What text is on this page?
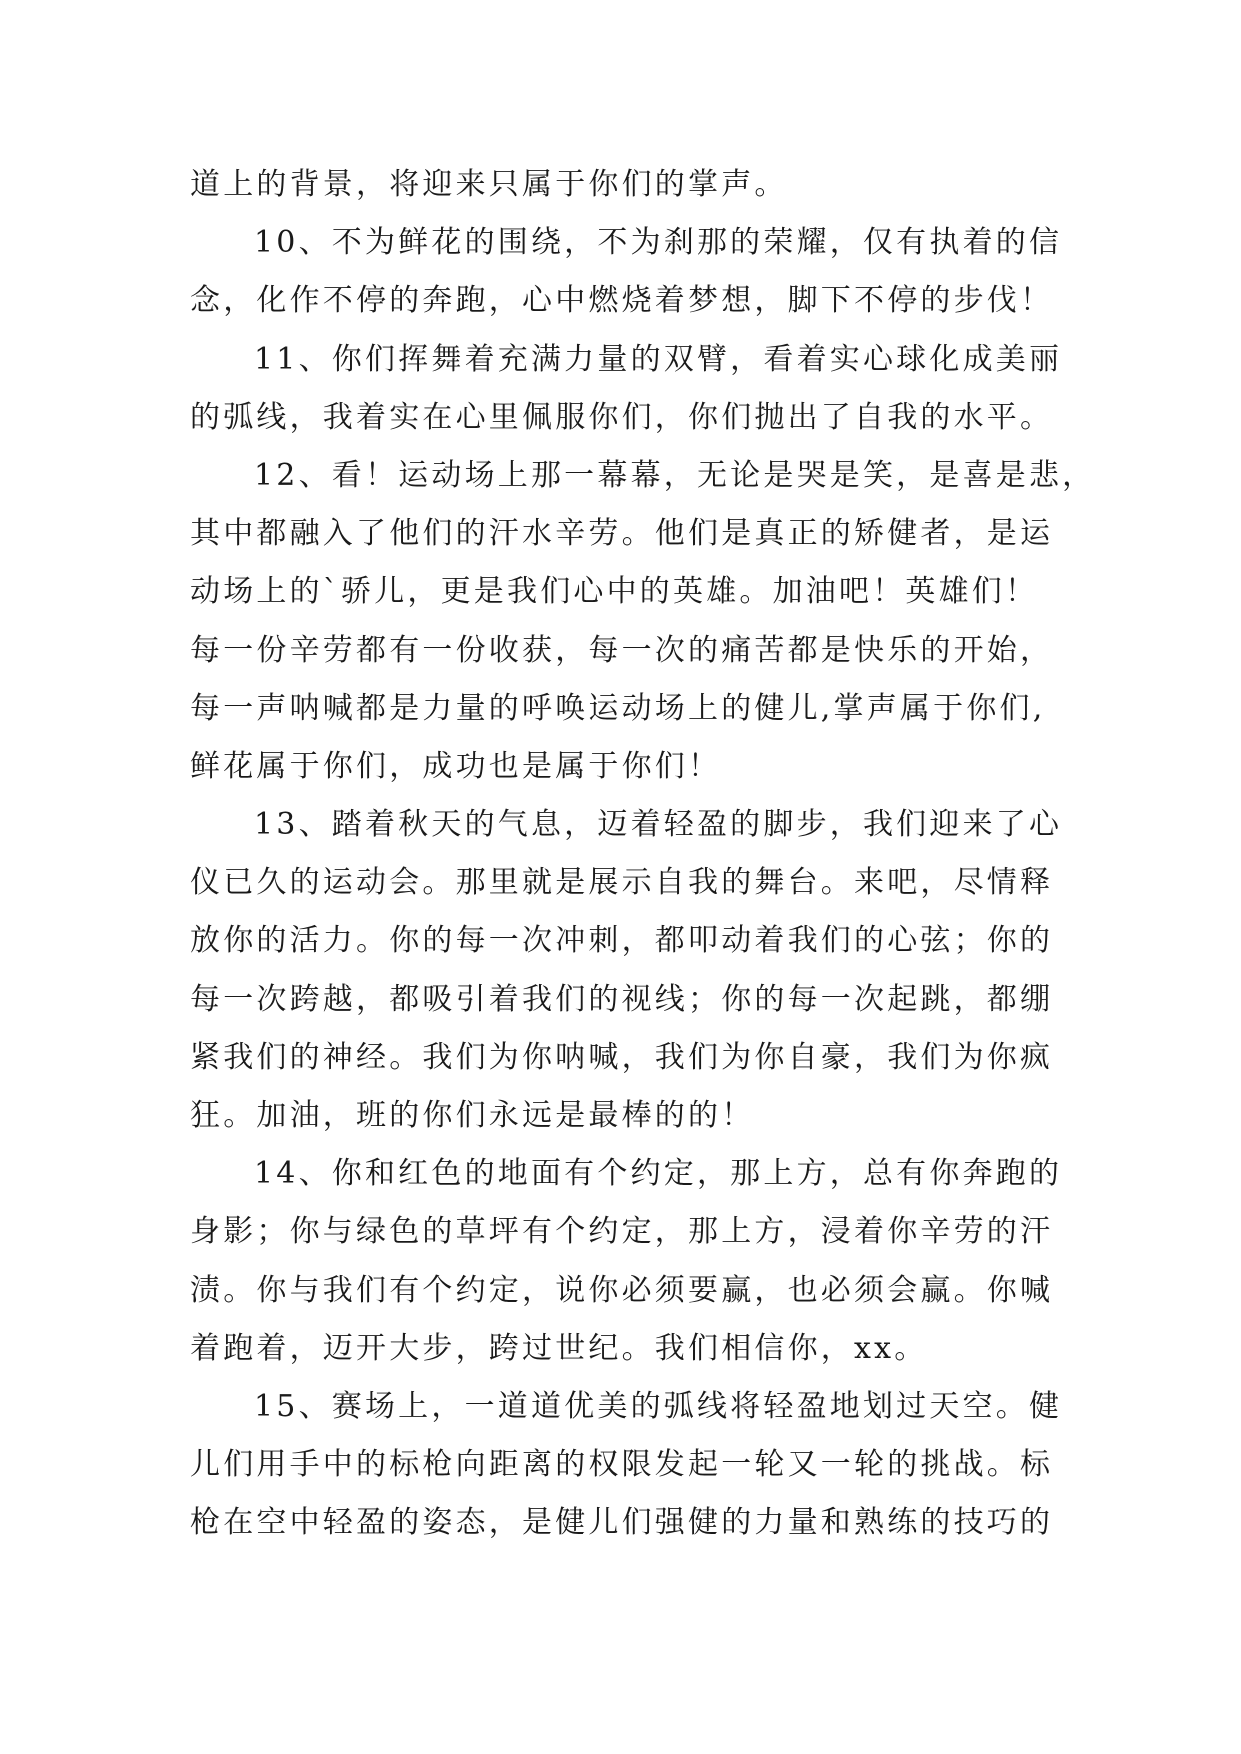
道上的背景，将迎来只属于你们的掌声。
10、不为鲜花的围绕，不为刹那的荣耀，仅有执着的信
念，化作不停的奔跑，心中燃烧着梦想，脚下不停的步伐！
11、你们挥舞着充满力量的双臂，看着实心球化成美丽
的弧线，我着实在心里佩服你们，你们抛出了自我的水平。
12、看！运动场上那一幕幕，无论是哭是笑，是喜是悲，
其中都融入了他们的汗水辛劳。他们是真正的矫健者，是运
动场上的`骄儿，更是我们心中的英雄。加油吧！英雄们！
每一份辛劳都有一份收获，每一次的痛苦都是快乐的开始，
每一声呐喊都是力量的呼唤运动场上的健儿,掌声属于你们,
鲜花属于你们，成功也是属于你们！
13、踏着秋天的气息，迈着轻盈的脚步，我们迎来了心
仪已久的运动会。那里就是展示自我的舞台。来吧，尽情释
放你的活力。你的每一次冲刺，都叩动着我们的心弦；你的
每一次跨越，都吸引着我们的视线；你的每一次起跳，都绷
紧我们的神经。我们为你呐喊，我们为你自豪，我们为你疯
狂。加油，班的你们永远是最棒的的！
14、你和红色的地面有个约定，那上方，总有你奔跑的
身影；你与绿色的草坪有个约定，那上方，浸着你辛劳的汗
渍。你与我们有个约定，说你必须要赢，也必须会赢。你喊
着跑着，迈开大步，跨过世纪。我们相信你，xx。
15、赛场上，一道道优美的弧线将轻盈地划过天空。健
儿们用手中的标枪向距离的权限发起一轮又一轮的挑战。标
枪在空中轻盈的姿态，是健儿们强健的力量和熟练的技巧的
